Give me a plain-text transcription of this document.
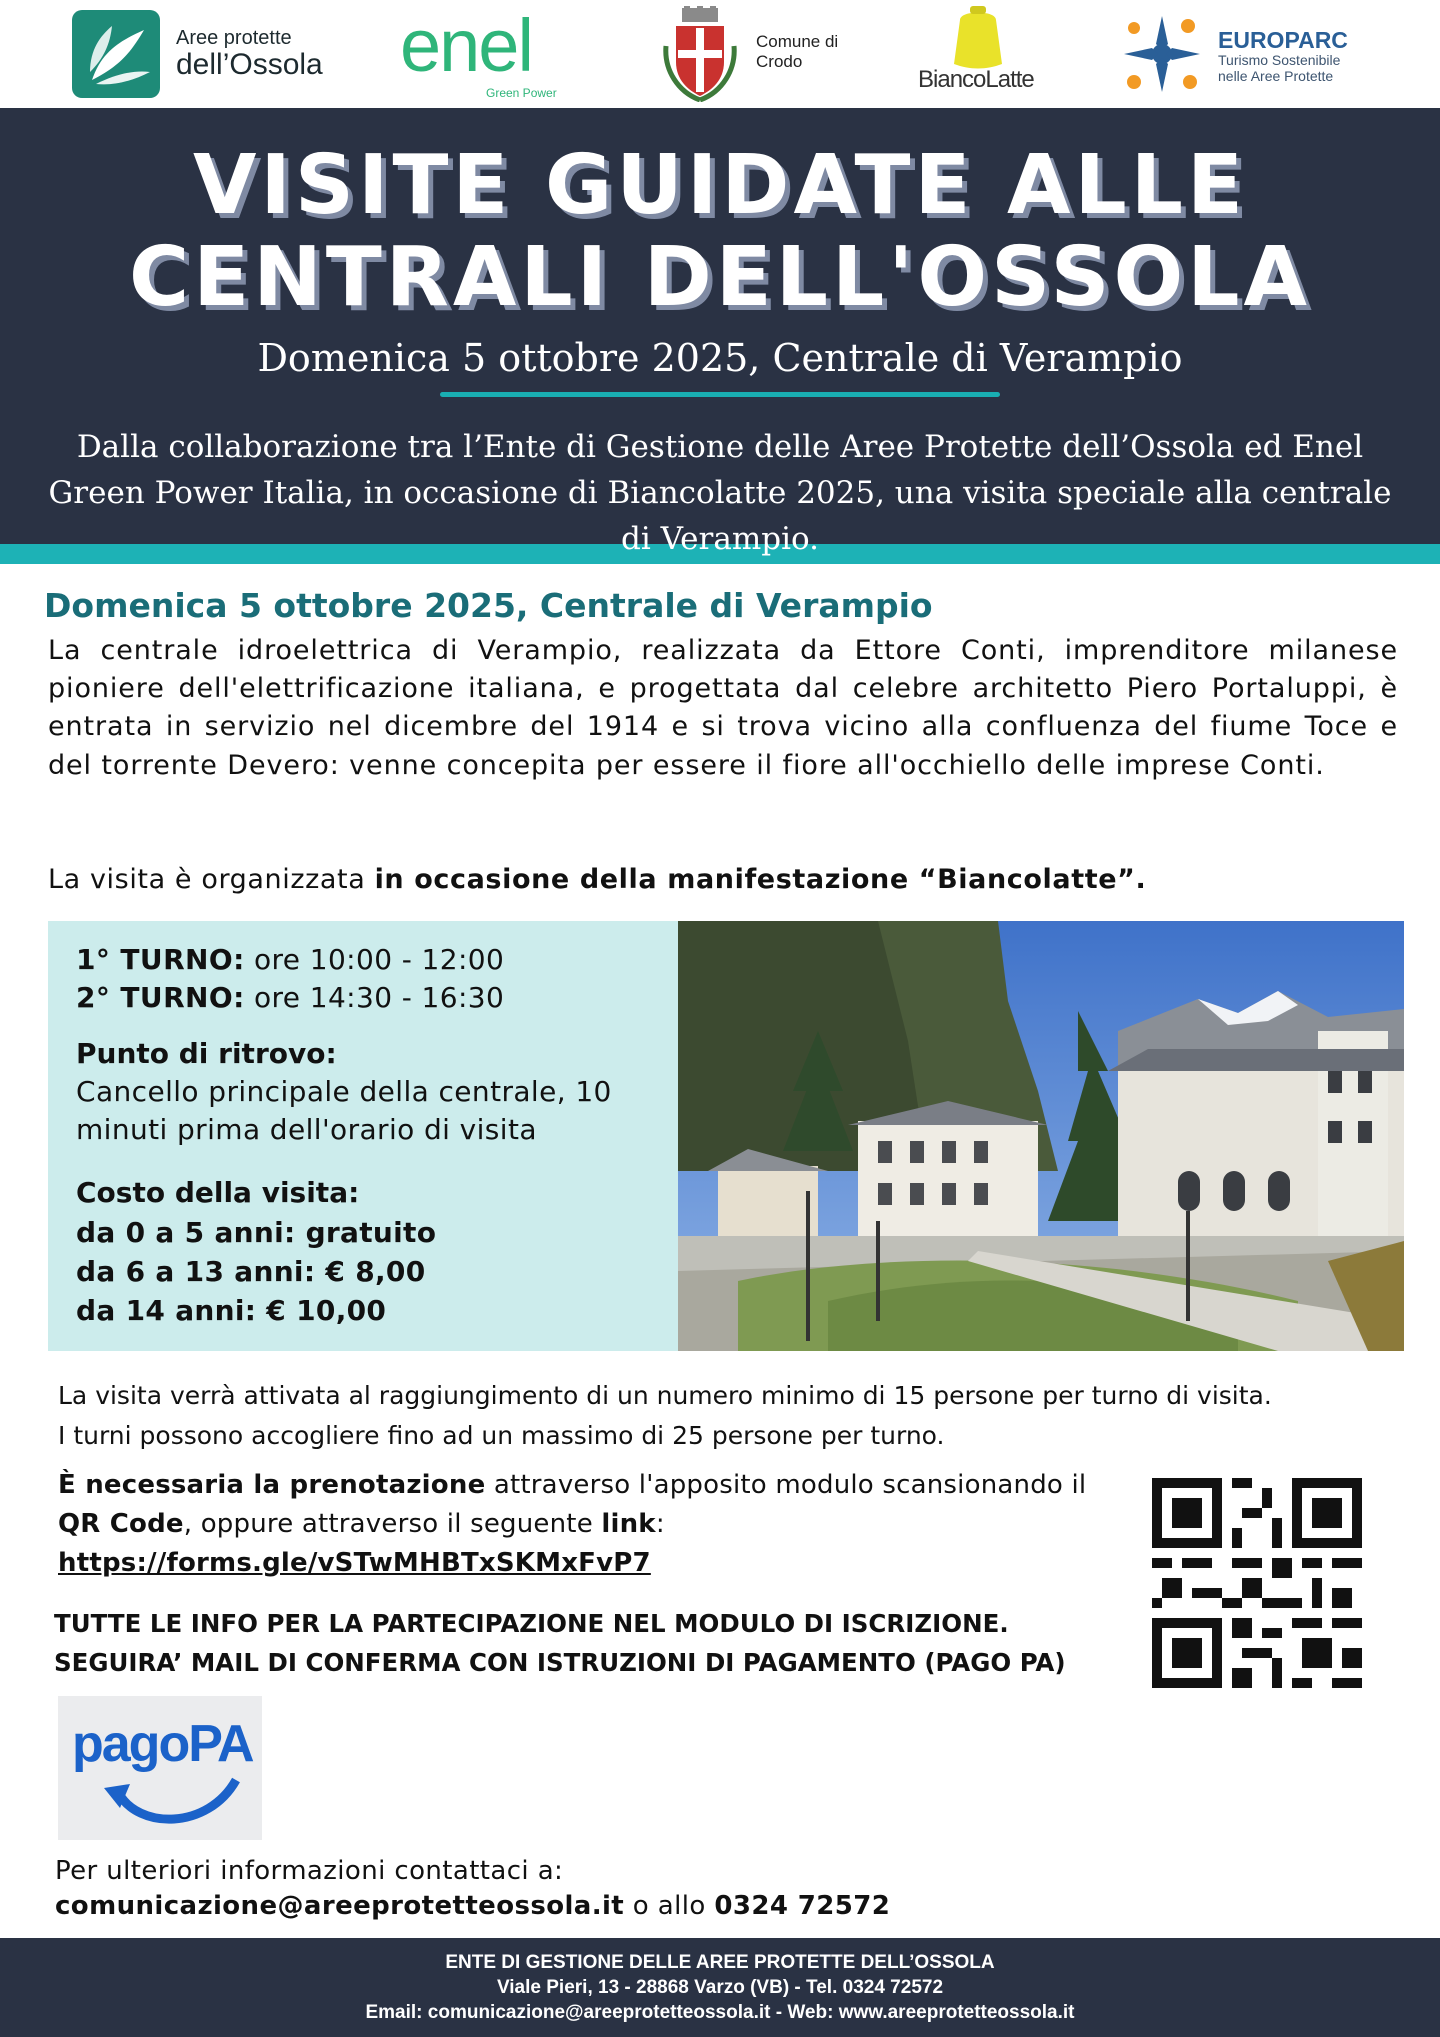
Aree protette
dell’Ossola enel
Green Power
Comune di
Crodo
BiancoLatte
EUROPARC
Turismo Sostenibile
nelle Aree Protette
VISITE GUIDATE ALLE
CENTRALI DELL'OSSOLA
Domenica 5 ottobre 2025, Centrale di Verampio
Dalla collaborazione tra l’Ente di Gestione delle Aree Protette dell’Ossola ed Enel Green Power Italia, in occasione di Biancolatte 2025, una visita speciale alla centrale di Verampio.
Domenica 5 ottobre 2025, Centrale di Verampio
La centrale idroelettrica di Verampio, realizzata da Ettore Conti, imprenditore milanese pioniere dell'elettrificazione italiana, e progettata dal celebre architetto Piero Portaluppi, è entrata in servizio nel dicembre del 1914 e si trova vicino alla confluenza del fiume Toce e del torrente Devero: venne concepita per essere il fiore all'occhiello delle imprese Conti.
La visita è organizzata in occasione della manifestazione “Biancolatte”.
1° TURNO: ore 10:00 - 12:00
2° TURNO: ore 14:30 - 16:30
Punto di ritrovo:
Cancello principale della centrale, 10 minuti prima dell'orario di visita
Costo della visita:
da 0 a 5 anni: gratuito
da 6 a 13 anni: € 8,00
da 14 anni: € 10,00
La visita verrà attivata al raggiungimento di un numero minimo di 15 persone per turno di visita.
I turni possono accogliere fino ad un massimo di 25 persone per turno.
È necessaria la prenotazione attraverso l'apposito modulo scansionando il QR Code, oppure attraverso il seguente link:
https://forms.gle/vSTwMHBTxSKMxFvP7
TUTTE LE INFO PER LA PARTECIPAZIONE NEL MODULO DI ISCRIZIONE.
SEGUIRA’ MAIL DI CONFERMA CON ISTRUZIONI DI PAGAMENTO (PAGO PA)
pagoPA
Per ulteriori informazioni contattaci a:
comunicazione@areeprotetteossola.it o allo 0324 72572
ENTE DI GESTIONE DELLE AREE PROTETTE DELL’OSSOLA
Viale Pieri, 13 - 28868 Varzo (VB) - Tel. 0324 72572
Email: comunicazione@areeprotetteossola.it - Web: www.areeprotetteossola.it
